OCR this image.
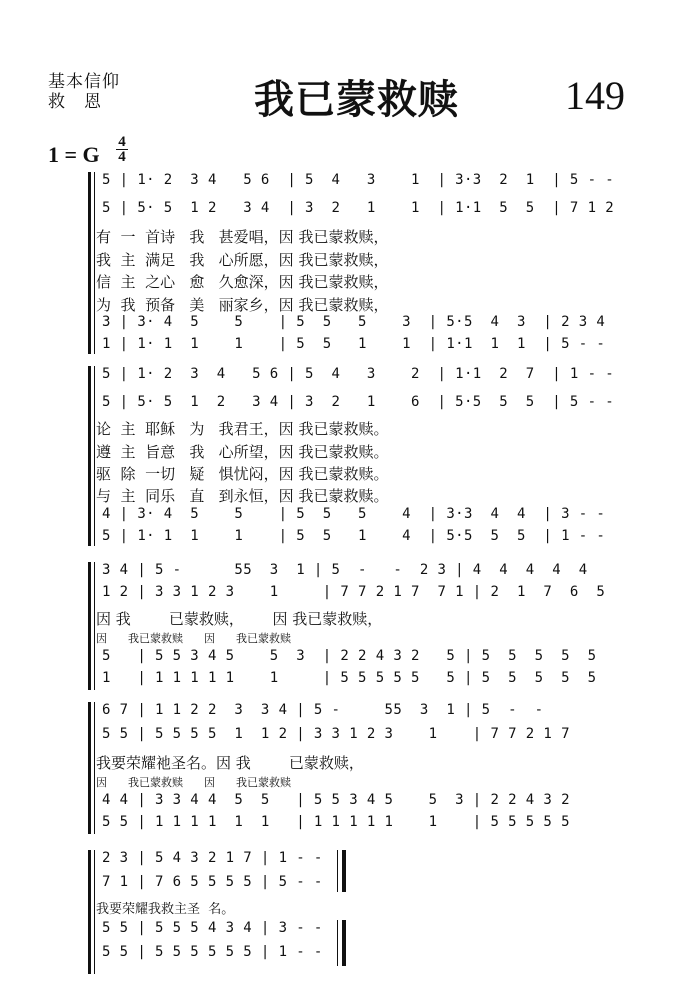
基本信仰
救　恩	我已蒙救赎	149
1 = G 4
4
5 | 1· 2  3 4   5 6  | 5  4   3    1  | 3·3  2  1  | 5 - -
5 | 5· 5  1 2   3 4  | 3  2   1    1  | 1·1  5  5  | 7 1 2
有  一  首诗   我   甚爱唱，因 我已蒙救赎，
我  主  满足   我   心所愿，因 我已蒙救赎，
信  主  之心   愈   久愈深，因 我已蒙救赎，
为  我  预备   美   丽家乡，因 我已蒙救赎，
3 | 3· 4  5    5    | 5  5   5    3  | 5·5  4  3  | 2 3 4
1 | 1· 1  1    1    | 5  5   1    1  | 1·1  1  1  | 5 - -
5 | 1· 2  3  4   5 6 | 5  4   3    2  | 1·1  2  7  | 1 - -
5 | 5· 5  1  2   3 4 | 3  2   1    6  | 5·5  5  5  | 5 - -
论  主  耶稣   为   我君王，因 我已蒙救赎。
遵  主  旨意   我   心所望，因 我已蒙救赎。
驱  除  一切   疑   惧忧闷，因 我已蒙救赎。
与  主  同乐   直   到永恒，因 我已蒙救赎。
4 | 3· 4  5    5    | 5  5   5    4  | 3·3  4  4  | 3 - -
5 | 1· 1  1    1    | 5  5   1    4  | 5·5  5  5  | 1 - -
3 4 | 5 -      55  3  1 | 5  -   -  2 3 | 4  4  4  4  4
1 2 | 3 3 1 2 3    1     | 7 7 2 1 7  7 1 | 2  1  7  6  5
因 我        已蒙救赎，      因 我已蒙救赎，
因      我已蒙救赎      因      我已蒙救赎
5   | 5 5 3 4 5    5  3  | 2 2 4 3 2   5 | 5  5  5  5  5
1   | 1 1 1 1 1    1     | 5 5 5 5 5   5 | 5  5  5  5  5
6 7 | 1 1 2 2  3  3 4 | 5 -     55  3  1 | 5  -  -
5 5 | 5 5 5 5  1  1 2 | 3 3 1 2 3    1    | 7 7 2 1 7
我要荣耀祂圣名。因 我        已蒙救赎，
因      我已蒙救赎      因      我已蒙救赎
4 4 | 3 3 4 4  5  5   | 5 5 3 4 5    5  3 | 2 2 4 3 2
5 5 | 1 1 1 1  1  1   | 1 1 1 1 1    1    | 5 5 5 5 5
2 3 | 5 4 3 2 1 7 | 1 - -
7 1 | 7 6 5 5 5 5 | 5 - -
我要荣耀我救主圣  名。
5 5 | 5 5 5 4 3 4 | 3 - -
5 5 | 5 5 5 5 5 5 | 1 - -
